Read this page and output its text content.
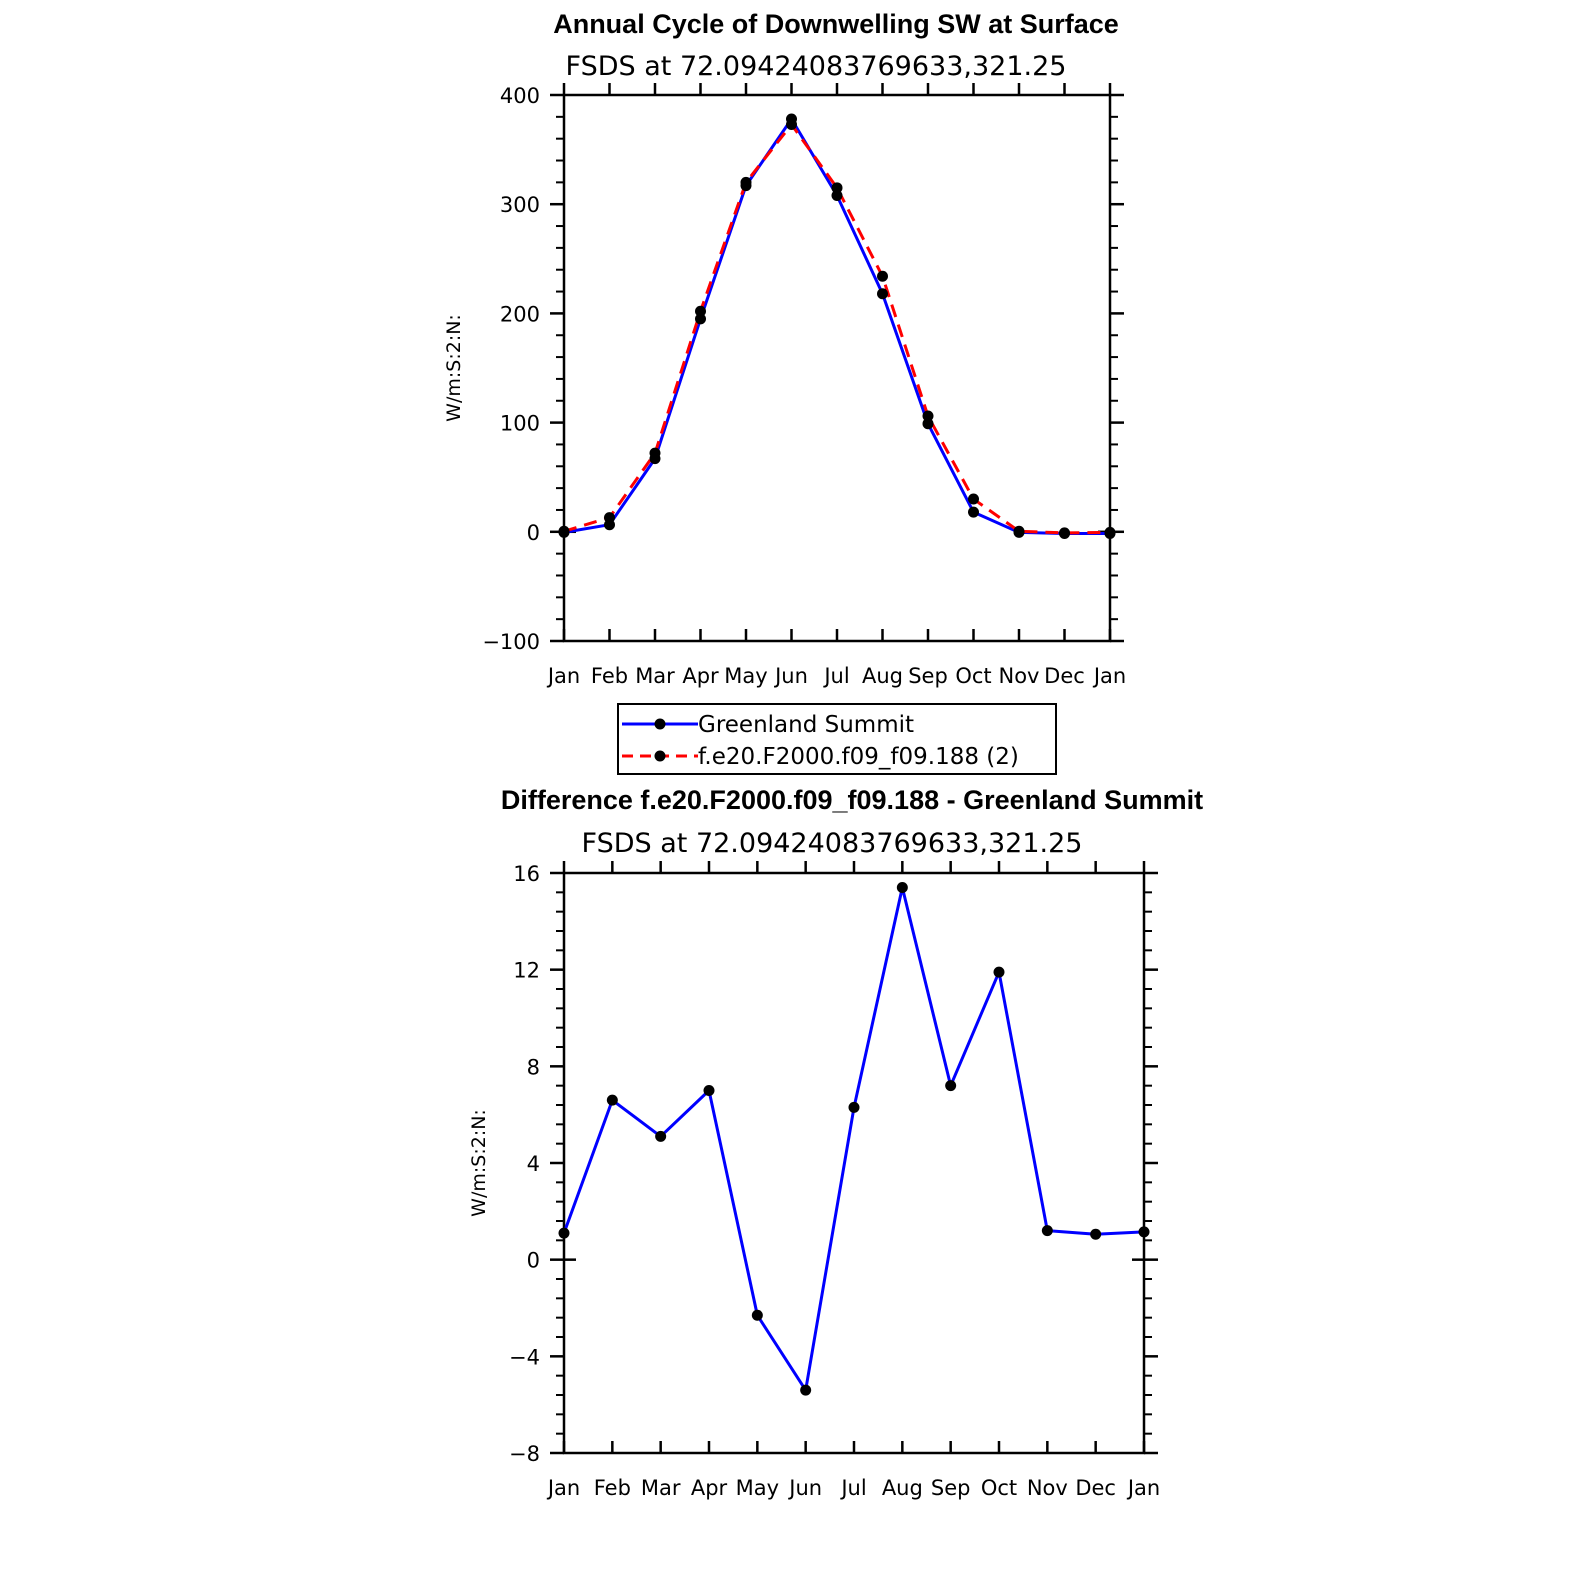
Annual Cycle of Downwelling SW at Surface
FSDS at 72.09424083769633,321.25
W/m:S:2:N:
−100
0
100
200
300
400
Jan Feb Mar Apr May Jun Jul Aug Sep Oct Nov Dec Jan
Greenland Summit
f.e20.F2000.f09_f09.188 (2)
Difference f.e20.F2000.f09_f09.188 - Greenland Summit
FSDS at 72.09424083769633,321.25
W/m:S:2:N:
−8
−4
0
4
8
12
16
Jan Feb Mar Apr May Jun Jul Aug Sep Oct Nov Dec Jan
